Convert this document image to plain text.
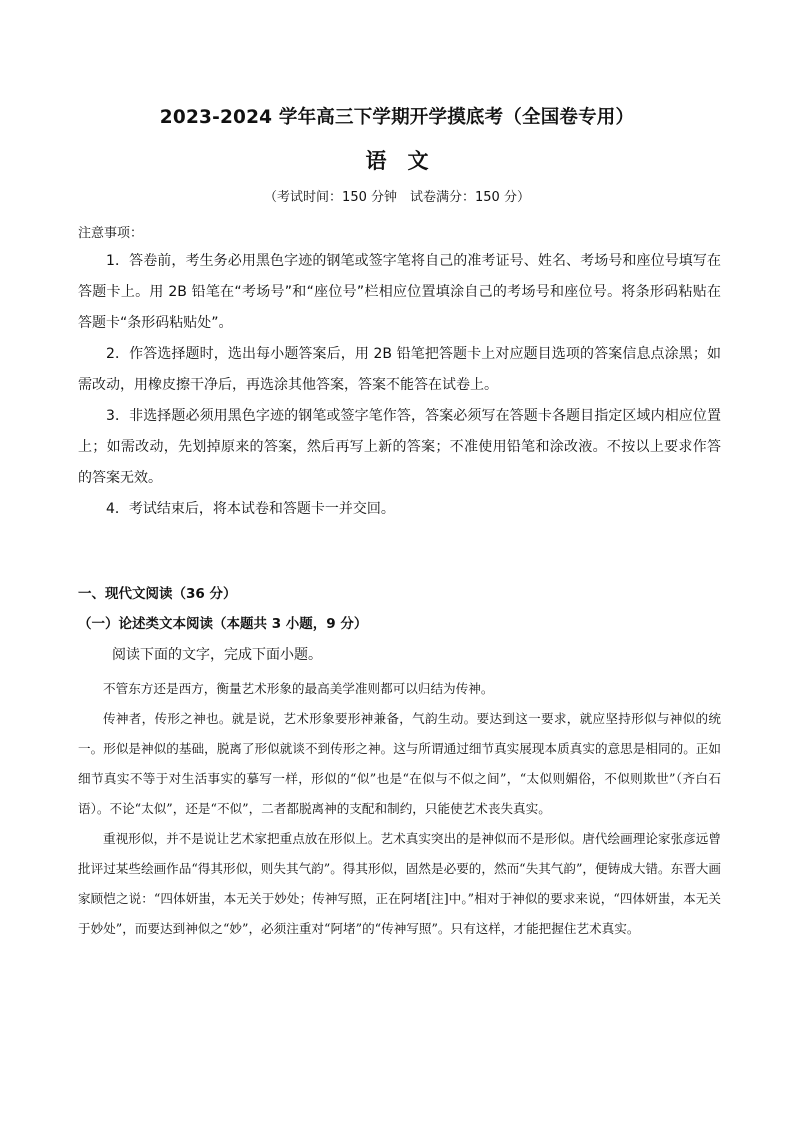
2023-2024 学年高三下学期开学摸底考（全国卷专用）
语　文
（考试时间：150 分钟　试卷满分：150 分）
注意事项：

1．答卷前，考生务必用黑色字迹的钢笔或签字笔将自己的准考证号、姓名、考场号和座位号填写在答题卡上。用 2B 铅笔在“考场号”和“座位号”栏相应位置填涂自己的考场号和座位号。将条形码粘贴在答题卡“条形码粘贴处”。

2．作答选择题时，选出每小题答案后，用 2B 铅笔把答题卡上对应题目选项的答案信息点涂黑；如需改动，用橡皮擦干净后，再选涂其他答案，答案不能答在试卷上。

3．非选择题必须用黑色字迹的钢笔或签字笔作答，答案必须写在答题卡各题目指定区域内相应位置上；如需改动，先划掉原来的答案，然后再写上新的答案；不准使用铅笔和涂改液。不按以上要求作答的答案无效。

4．考试结束后，将本试卷和答题卡一并交回。

一、现代文阅读（36 分）
（一）论述类文本阅读（本题共 3 小题，9 分）
阅读下面的文字，完成下面小题。

不管东方还是西方，衡量艺术形象的最高美学准则都可以归结为传神。

传神者，传形之神也。就是说，艺术形象要形神兼备，气韵生动。要达到这一要求，就应坚持形似与神似的统一。形似是神似的基础，脱离了形似就谈不到传形之神。这与所谓通过细节真实展现本质真实的意思是相同的。正如细节真实不等于对生活事实的摹写一样，形似的“似”也是“在似与不似之间”，“太似则媚俗，不似则欺世”（齐白石语）。不论“太似”，还是“不似”，二者都脱离神的支配和制约，只能使艺术丧失真实。

重视形似，并不是说让艺术家把重点放在形似上。艺术真实突出的是神似而不是形似。唐代绘画理论家张彦远曾批评过某些绘画作品“得其形似，则失其气韵”。得其形似，固然是必要的，然而“失其气韵”，便铸成大错。东晋大画家顾恺之说：“四体妍蚩，本无关于妙处；传神写照，正在阿堵[注]中。”相对于神似的要求来说，“四体妍蚩，本无关于妙处”，而要达到神似之“妙”，必须注重对“阿堵”的“传神写照”。只有这样，才能把握住艺术真实。
